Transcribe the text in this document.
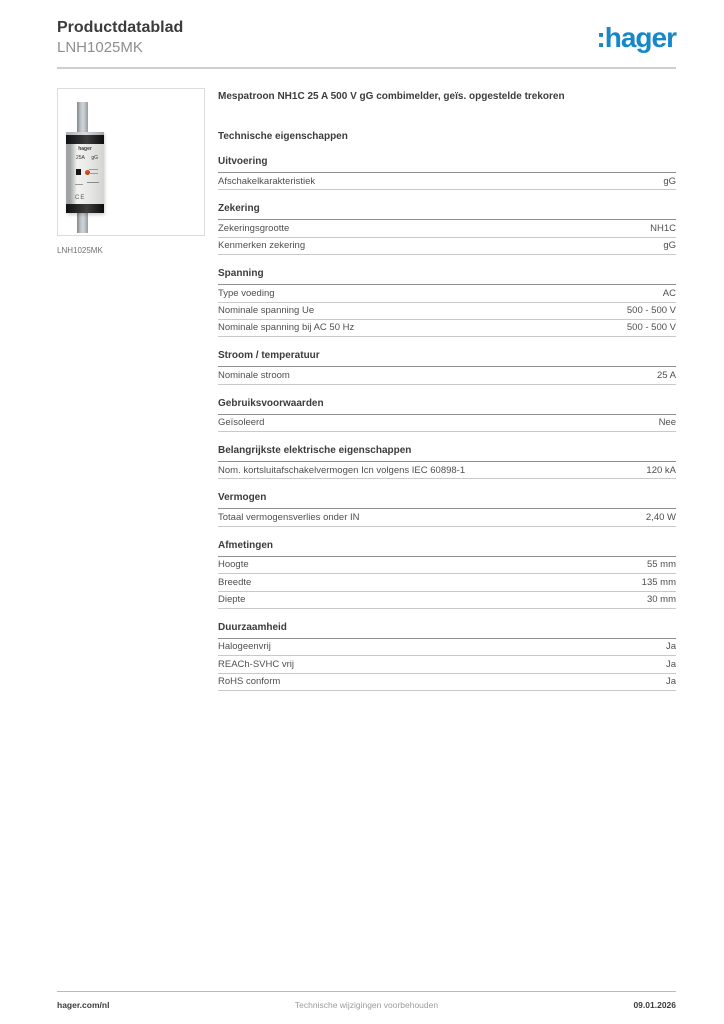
Productdatablad
LNH1025MK	:hager
hager
25A gG
CE
LNH1025MK
Mespatroon NH1C 25 A 500 V gG combimelder, geïs. opgestelde trekoren
Technische eigenschappen
Uitvoering
Afschakelkarakteristiek	gG
Zekering
Zekeringsgrootte	NH1C
Kenmerken zekering	gG
Spanning
Type voeding	AC
Nominale spanning Ue	500 - 500 V
Nominale spanning bij AC 50 Hz	500 - 500 V
Stroom / temperatuur
Nominale stroom	25 A
Gebruiksvoorwaarden
Geïsoleerd	Nee
Belangrijkste elektrische eigenschappen
Nom. kortsluitafschakelvermogen Icn volgens IEC 60898-1	120 kA
Vermogen
Totaal vermogensverlies onder IN	2,40 W
Afmetingen
Hoogte	55 mm
Breedte	135 mm
Diepte	30 mm
Duurzaamheid
Halogeenvrij	Ja
REACh-SVHC vrij	Ja
RoHS conform	Ja
hager.com/nl	Technische wijzigingen voorbehouden	09.01.2026
